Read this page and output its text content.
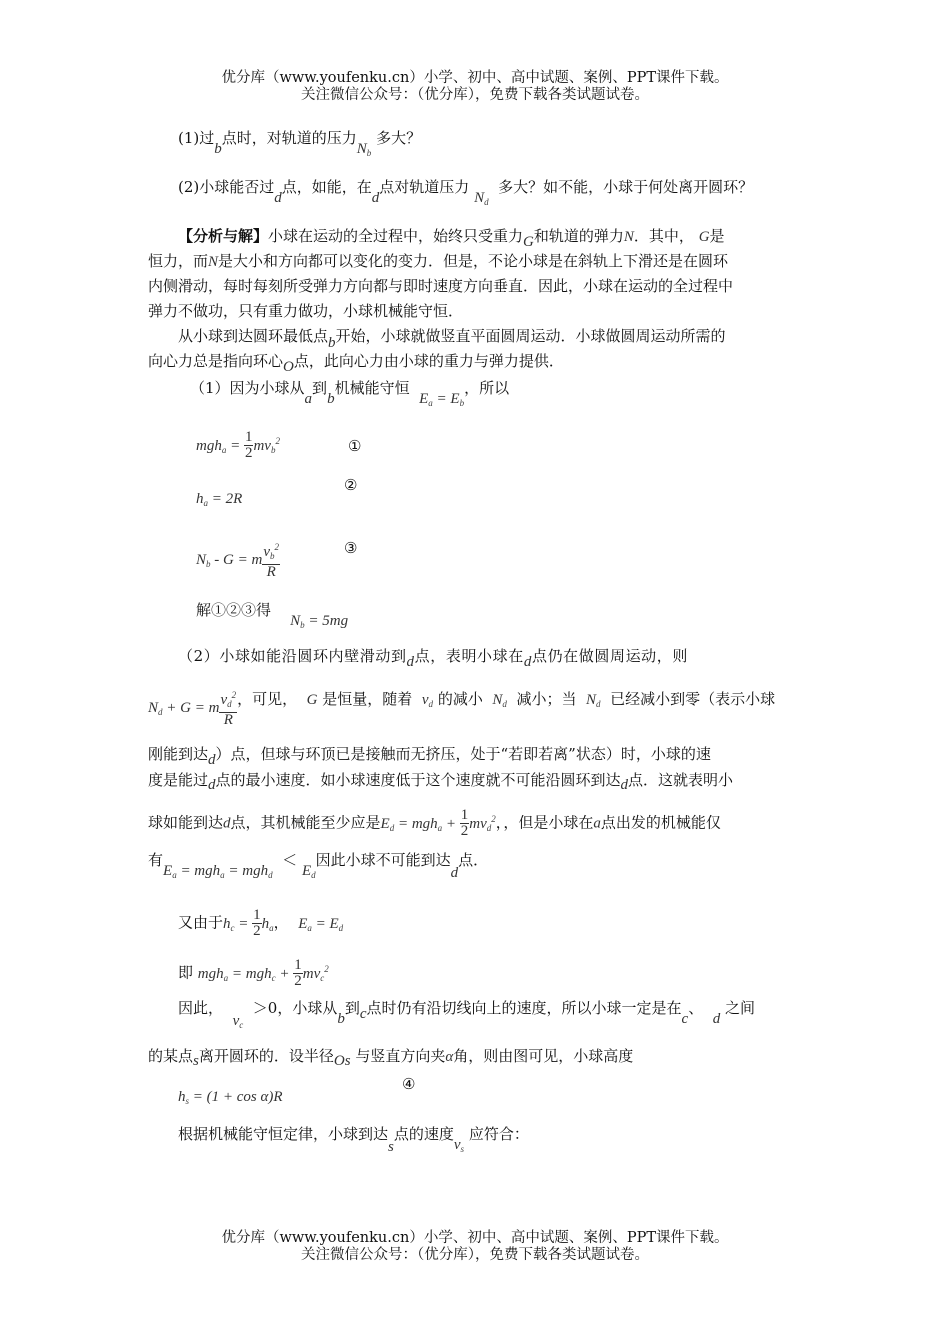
优分库（www.youfenku.cn）小学、初中、高中试题、案例、PPT课件下载。
关注微信公众号：（优分库），免费下载各类试题试卷。
(1)过b点时，对轨道的压力$N_b$ 多大？
(2)小球能否过d点，如能，在d点对轨道压力 $N_d$  多大？如不能，小球于何处离开圆环？
【分析与解】小球在运动的全过程中，始终只受重力G和轨道的弹力N．其中， G是
恒力，而N是大小和方向都可以变化的变力．但是，不论小球是在斜轨上下滑还是在圆环
内侧滑动，每时每刻所受弹力方向都与即时速度方向垂直．因此，小球在运动的全过程中
弹力不做功，只有重力做功，小球机械能守恒．
从小球到达圆环最低点b开始，小球就做竖直平面圆周运动．小球做圆周运动所需的
向心力总是指向环心O点，此向心力由小球的重力与弹力提供．
（1）因为小球从a到b机械能守恒  $E_a = E_b$，所以
$mgh_a = \frac{1}{2} mv_b^2$	①
$h_a = 2R$
②
$N_b - G = m \frac{v_b^2}{R}$	③
解①②③得    $N_b = 5mg$
（2）小球如能沿圆环内壁滑动到d点，表明小球在d点仍在做圆周运动，则
$N_d + G = m \frac{v_d^2}{R}$ ，可见， G 是恒量，随着 $v_d$ 的减小 $N_d$ 减小；当 $N_d$ 已经减小到零（表示小球
刚能到达d）点，但球与环顶已是接触而无挤压，处于“若即若离”状态）时，小球的速
度是能过d点的最小速度．如小球速度低于这个速度就不可能沿圆环到达d点．这就表明小
球如能到达d点，其机械能至少应是$E_d = mgh_a + \frac{1}{2} mv_d^2$，，但是小球在a点出发的机械能仅
有$E_a = mgh_a = mgh_d < E_d$因此小球不可能到达d点．
又由于$h_c = \frac{1}{2} h_a$， $E_a = E_d$
即 $mgh_a = mgh_c + \frac{1}{2} mv_c^2$
因此，  $v_c >0$，小球从b到c点时仍有沿切线向上的速度，所以小球一定是在c、  d 之间
的某点s离开圆环的．设半径Os 与竖直方向夹α角，则由图可见，小球高度
$h_s = (1 + \cos \alpha)R$
④
根据机械能守恒定律，小球到达s点的速度$v_s$ 应符合：
优分库（www.youfenku.cn）小学、初中、高中试题、案例、PPT课件下载。
关注微信公众号：（优分库），免费下载各类试题试卷。
